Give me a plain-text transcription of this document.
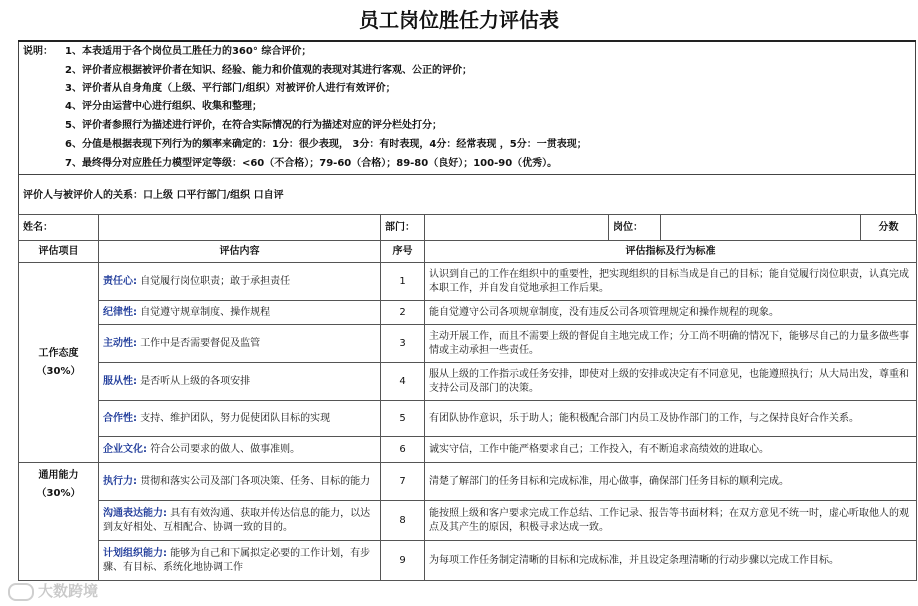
员工岗位胜任力评估表
说明： 1、本表适用于各个岗位员工胜任力的360° 综合评价；
2、评价者应根据被评价者在知识、经验、能力和价值观的表现对其进行客观、公正的评价；
3、评价者从自身角度（上级、平行部门/组织）对被评价人进行有效评价；
4、评分由运营中心进行组织、收集和整理；
5、评价者参照行为描述进行评价，在符合实际情况的行为描述对应的评分栏处打分；
6、分值是根据表现下列行为的频率来确定的：1分：很少表现， 3分：有时表现，4分：经常表现 ，5分：一贯表现；
7、最终得分对应胜任力模型评定等级：<60（不合格）；79-60（合格）；89-80（良好）；100-90（优秀）。
评价人与被评价人的关系：口上级 口平行部门/组织 口自评
姓名：		部门：		岗位：		分数
评估项目	评估内容	序号	评估指标及行为标准			
工作态度
（30%）	责任心: 自觉履行岗位职责；敢于承担责任	1	认识到自己的工作在组织中的重要性，把实现组织的目标当成是自己的目标；能自觉履行岗位职责，认真完成本职工作，并自发自觉地承担工作后果。			
	纪律性: 自觉遵守规章制度、操作规程	2	能自觉遵守公司各项规章制度，没有违反公司各项管理规定和操作规程的现象。			
	主动性: 工作中是否需要督促及监管	3	主动开展工作，而且不需要上级的督促自主地完成工作；分工尚不明确的情况下，能够尽自己的力量多做些事情或主动承担一些责任。			
	服从性: 是否听从上级的各项安排	4	服从上级的工作指示或任务安排，即使对上级的安排或决定有不同意见，也能遵照执行；从大局出发，尊重和支持公司及部门的决策。			
	合作性: 支持、维护团队，努力促使团队目标的实现	5	有团队协作意识，乐于助人；能积极配合部门内员工及协作部门的工作，与之保持良好合作关系。			
	企业文化: 符合公司要求的做人、做事准则。	6	诚实守信，工作中能严格要求自己；工作投入，有不断追求高绩效的进取心。			
通用能力
（30%）	执行力: 贯彻和落实公司及部门各项决策、任务、目标的能力	7	清楚了解部门的任务目标和完成标准，用心做事，确保部门任务目标的顺利完成。			
	沟通表达能力: 具有有效沟通、获取并传达信息的能力，以达到友好相处、互相配合、协调一致的目的。	8	能按照上级和客户要求完成工作总结、工作记录、报告等书面材料；在双方意见不统一时，虚心听取他人的观点及其产生的原因，积极寻求达成一致。			
	计划组织能力: 能够为自己和下属拟定必要的工作计划，有步骤、有目标、系统化地协调工作	9	为每项工作任务制定清晰的目标和完成标准，并且设定条理清晰的行动步骤以完成工作目标。			
大数跨境
